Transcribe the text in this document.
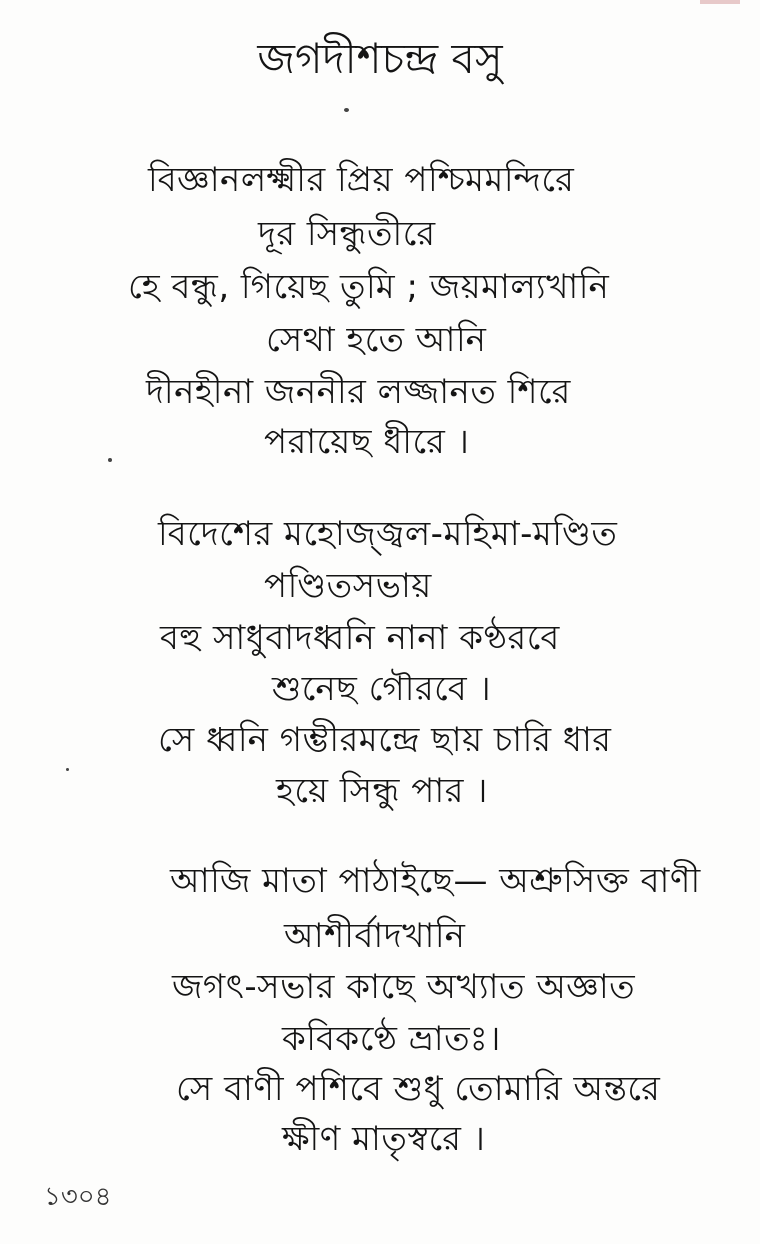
জগদীশচন্দ্র বসু
বিজ্ঞানলক্ষ্মীর প্রিয় পশ্চিমমন্দিরে
দূর সিন্ধুতীরে
হে বন্ধু, গিয়েছ তুমি ; জয়মাল্যখানি
সেথা হতে আনি
দীনহীনা জননীর লজ্জানত শিরে
পরায়েছ ধীরে ।
বিদেশের মহোজ্জ্বল-মহিমা-মণ্ডিত
পণ্ডিতসভায়
বহু সাধুবাদধ্বনি নানা কণ্ঠরবে
শুনেছ গৌরবে ।
সে ধ্বনি গম্ভীরমন্দ্রে ছায় চারি ধার
হয়ে সিন্ধু পার ।
আজি মাতা পাঠাইছে— অশ্রুসিক্ত বাণী
আশীর্বাদখানি
জগৎ-সভার কাছে অখ্যাত অজ্ঞাত
কবিকণ্ঠে ভ্রাতঃ।
সে বাণী পশিবে শুধু তোমারি অন্তরে
ক্ষীণ মাতৃস্বরে ।
১৩০৪
